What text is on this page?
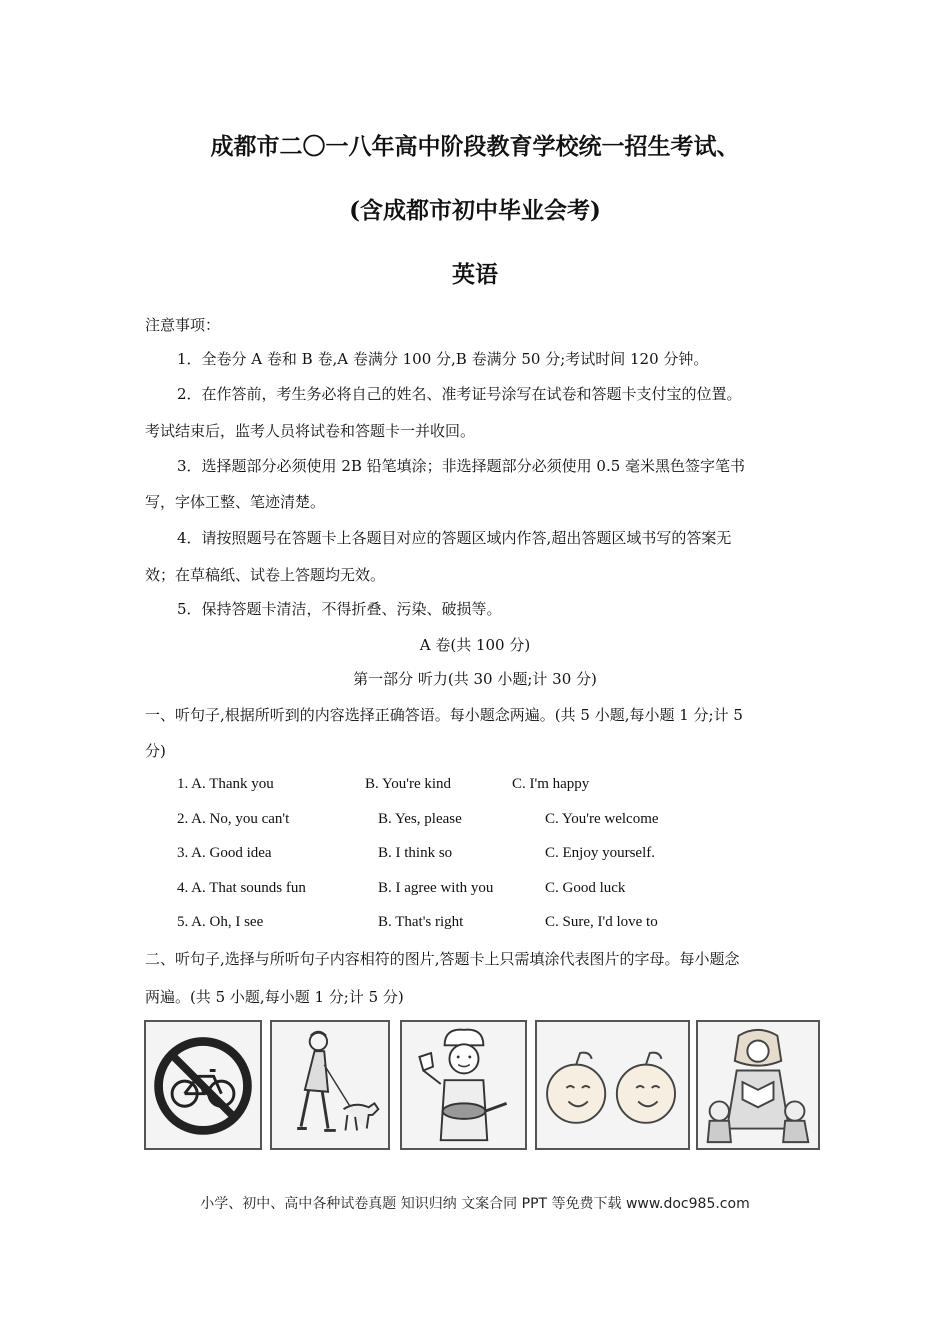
成都市二〇一八年高中阶段教育学校统一招生考试、
(含成都市初中毕业会考)
英语
注意事项：
1．全卷分 A 卷和 B 卷,A 卷满分 100 分,B 卷满分 50 分;考试时间 120 分钟。
2．在作答前，考生务必将自己的姓名、准考证号涂写在试卷和答题卡支付宝的位置。
考试结束后，监考人员将试卷和答题卡一并收回。
3．选择题部分必须使用 2B 铅笔填涂；非选择题部分必须使用 0.5 毫米黑色签字笔书
写，字体工整、笔迹清楚。
4．请按照题号在答题卡上各题目对应的答题区域内作答,超出答题区域书写的答案无
效；在草稿纸、试卷上答题均无效。
5．保持答题卡清洁，不得折叠、污染、破损等。
A 卷(共 100 分)
第一部分 听力(共 30 小题;计 30 分)
一、听句子,根据所听到的内容选择正确答语。每小题念两遍。(共 5 小题,每小题 1 分;计 5
分)
1. A. Thank you	B. You're kind	C. I'm happy
2. A. No, you can't	B. Yes, please	C. You're welcome
3. A. Good idea	B. I think so	C. Enjoy yourself.
4. A. That sounds fun	B. I agree with you	C. Good luck
5. A. Oh, I see	B. That's right	C. Sure, I'd love to
二、听句子,选择与所听句子内容相符的图片,答题卡上只需填涂代表图片的字母。每小题念
两遍。(共 5 小题,每小题 1 分;计 5 分)
小学、初中、高中各种试卷真题 知识归纳 文案合同 PPT 等免费下载 www.doc985.com
